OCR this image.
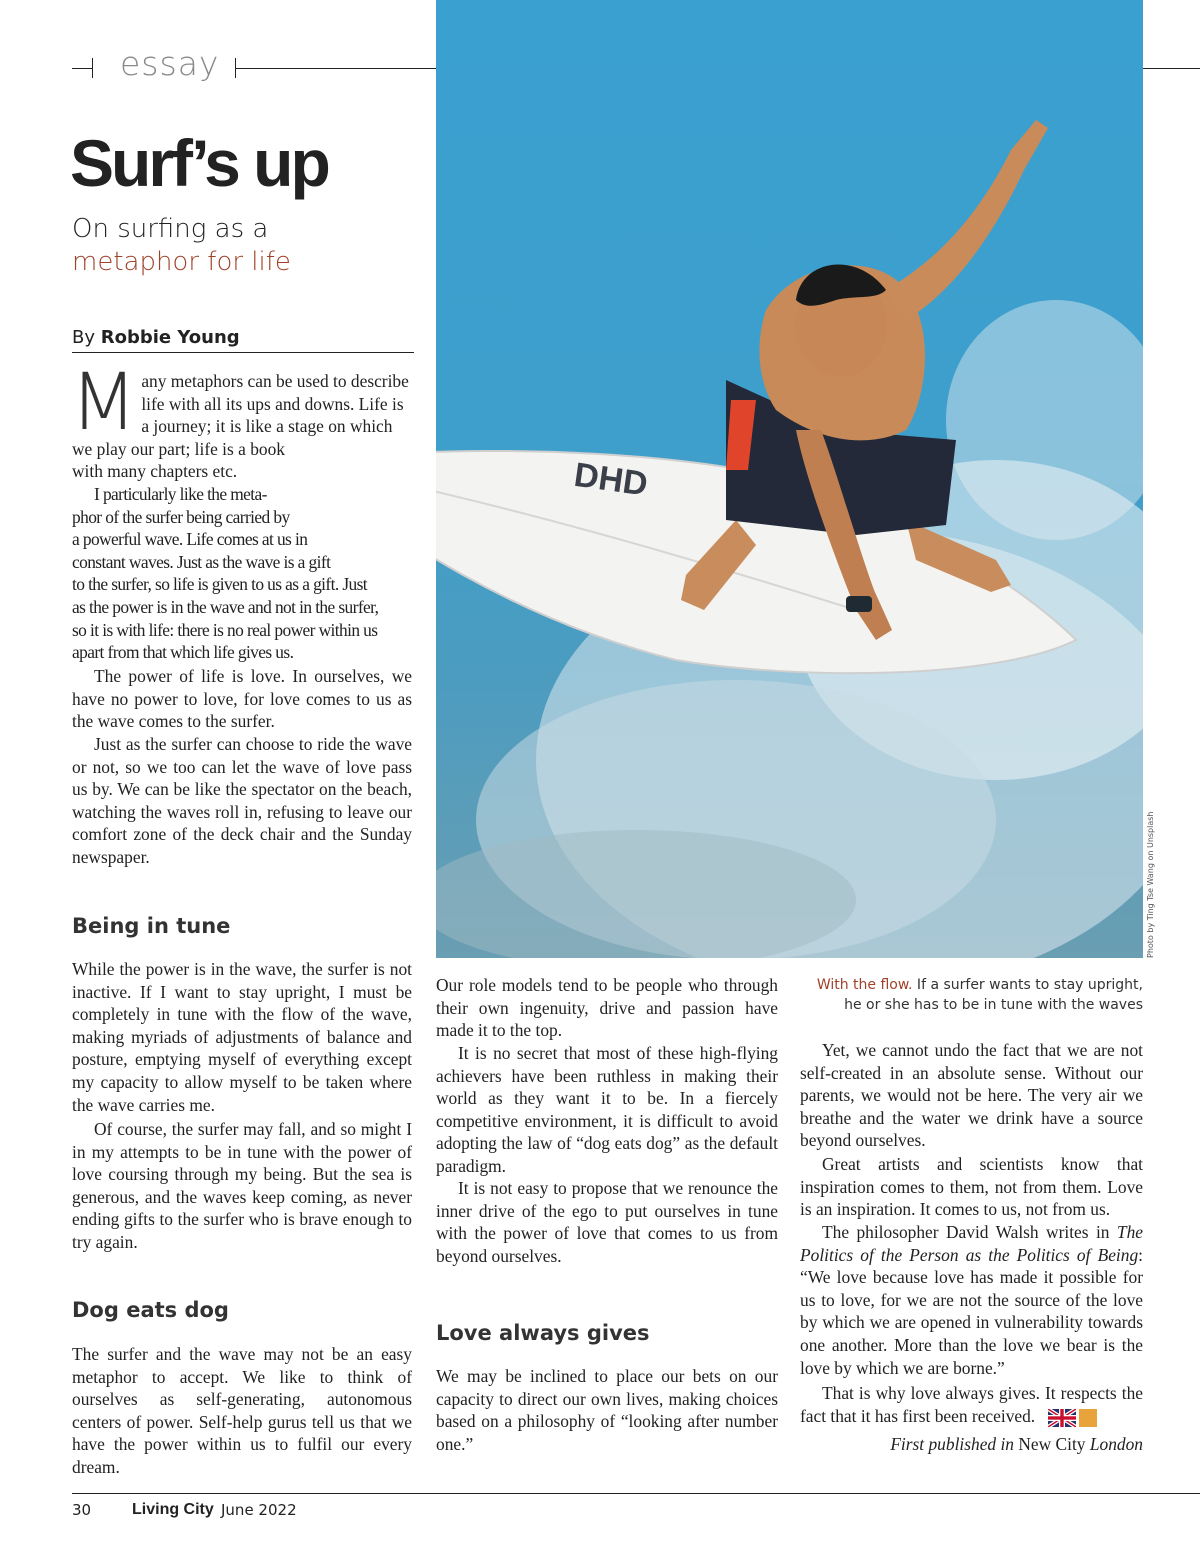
essay
Surf’s up
On surfing as a
metaphor for life
By Robbie Young
DHD
Photo by Ting Tse Wang on Unsplash
M any metaphors can be used to describe
life with all its ups and downs. Life is
a journey; it is like a stage on which
we play our part; life is a book
with many chapters etc.
I particularly like the meta-
phor of the surfer being carried by
a powerful wave. Life comes at us in
constant waves. Just as the wave is a gift
to the surfer, so life is given to us as a gift. Just
as the power is in the wave and not in the surfer,
so it is with life: there is no real power within us
apart from that which life gives us.
The power of life is love. In ourselves, we have no power to love, for love comes to us as the wave comes to the surfer.
Just as the surfer can choose to ride the wave or not, so we too can let the wave of love pass us by. We can be like the spectator on the beach, watching the waves roll in, refusing to leave our comfort zone of the deck chair and the Sunday newspaper.
Being in tune
While the power is in the wave, the surfer is not inactive. If I want to stay upright, I must be completely in tune with the flow of the wave, making myriads of adjustments of balance and posture, emptying myself of everything except my capacity to allow myself to be taken where the wave carries me.
Of course, the surfer may fall, and so might I in my attempts to be in tune with the power of love coursing through my being. But the sea is generous, and the waves keep coming, as never ending gifts to the surfer who is brave enough to try again.
Dog eats dog
The surfer and the wave may not be an easy metaphor to accept. We like to think of ourselves as self-generating, autonomous centers of power. Self-help gurus tell us that we have the power within us to fulfil our every dream.
Our role models tend to be people who through their own ingenuity, drive and passion have made it to the top.
It is no secret that most of these high-flying achievers have been ruthless in making their world as they want it to be. In a fiercely competitive environment, it is difficult to avoid adopting the law of “dog eats dog” as the default paradigm.
It is not easy to propose that we renounce the inner drive of the ego to put ourselves in tune with the power of love that comes to us from beyond ourselves.
Love always gives
We may be inclined to place our bets on our capacity to direct our own lives, making choices based on a philosophy of “looking after number one.”
With the flow. If a surfer wants to stay upright, he or she has to be in tune with the waves
Yet, we cannot undo the fact that we are not self-created in an absolute sense. Without our parents, we would not be here. The very air we breathe and the water we drink have a source beyond ourselves.
Great artists and scientists know that inspiration comes to them, not from them. Love is an inspiration. It comes to us, not from us.
The philosopher David Walsh writes in The Politics of the Person as the Politics of Being: “We love because love has made it possible for us to love, for we are not the source of the love by which we are opened in vulnerability towards one another. More than the love we bear is the love by which we are borne.”
That is why love always gives. It respects the fact that it has first been received.	LC
First published in New City London
30	Living City June 2022
